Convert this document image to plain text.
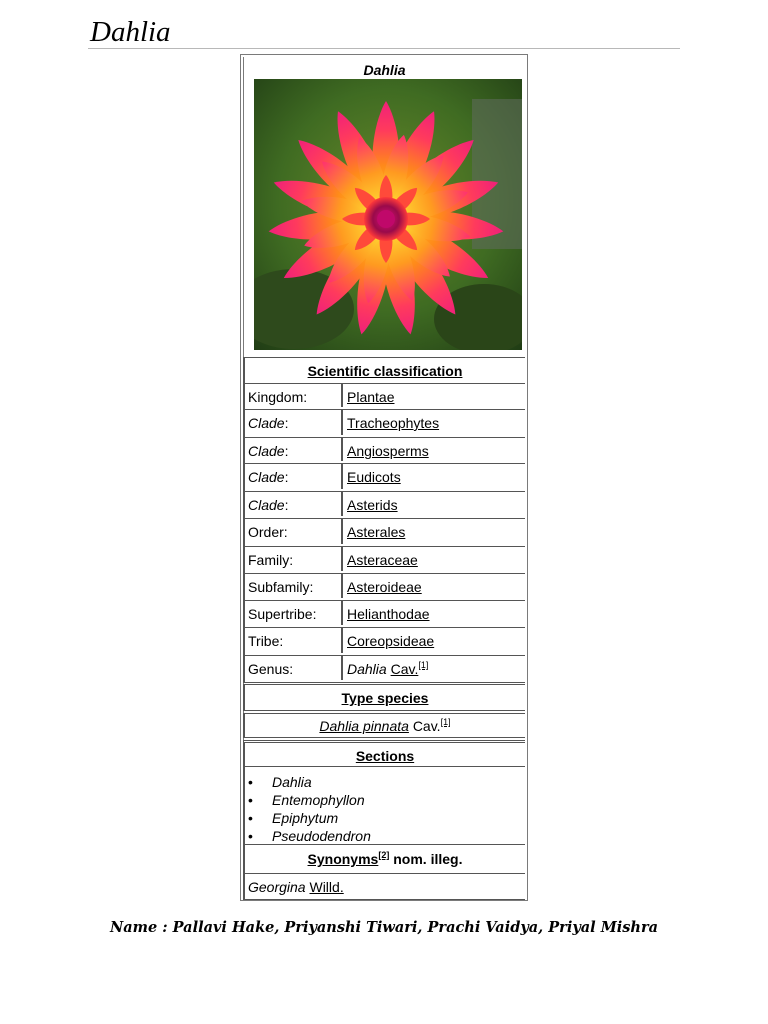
Dahlia
Dahlia
Scientific classification
Kingdom:	Plantae
Clade:	Tracheophytes
Clade:	Angiosperms
Clade:	Eudicots
Clade:	Asterids
Order:	Asterales
Family:	Asteraceae
Subfamily: Asteroideae
Supertribe: Helianthodae
Tribe:	Coreopsideae
Genus:	Dahlia Cav.[1]
Type species
Dahlia pinnata Cav.[1]
Sections
• Dahlia
• Entemophyllon
• Epiphytum
• Pseudodendron
Synonyms[2] nom. illeg.
Georgina Willd.
Name : Pallavi Hake, Priyanshi Tiwari, Prachi Vaidya, Priyal Mishra
